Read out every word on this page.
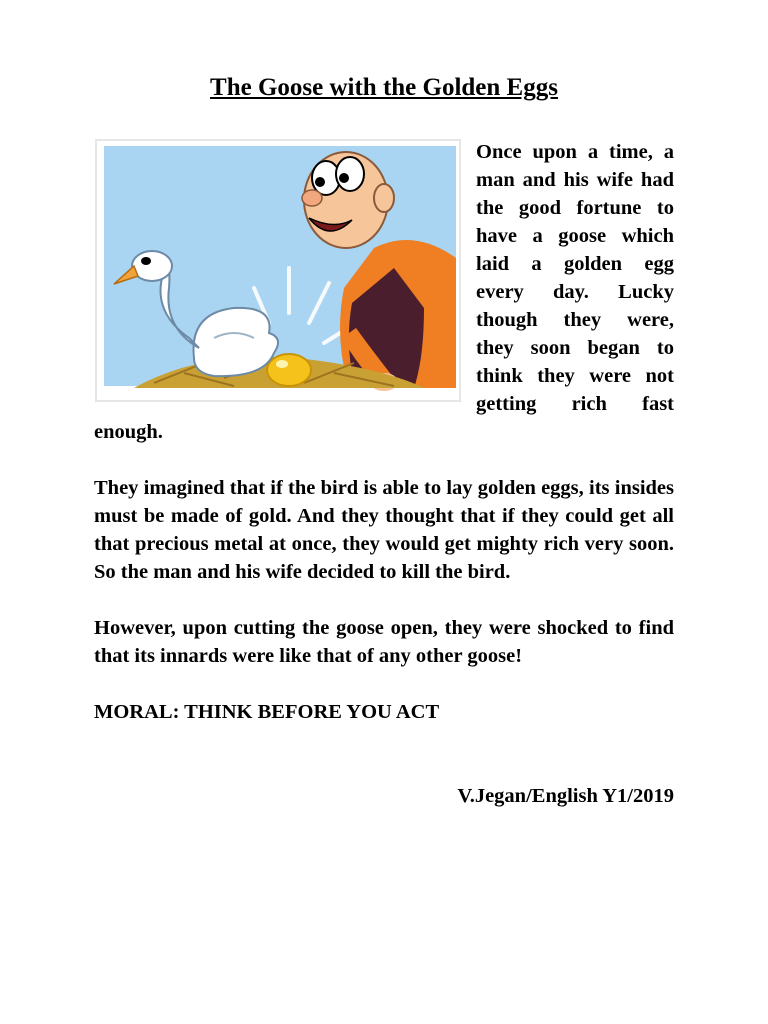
The Goose with the Golden Eggs

Once upon a time, a man and his wife had the good fortune to have a goose which laid a golden egg every day. Lucky though they were, they soon began to think they were not getting rich fast enough.

They imagined that if the bird is able to lay golden eggs, its insides must be made of gold. And they thought that if they could get all that precious metal at once, they would get mighty rich very soon. So the man and his wife decided to kill the bird.

However, upon cutting the goose open, they were shocked to find that its innards were like that of any other goose!

MORAL: THINK BEFORE YOU ACT
V.Jegan/English Y1/2019
